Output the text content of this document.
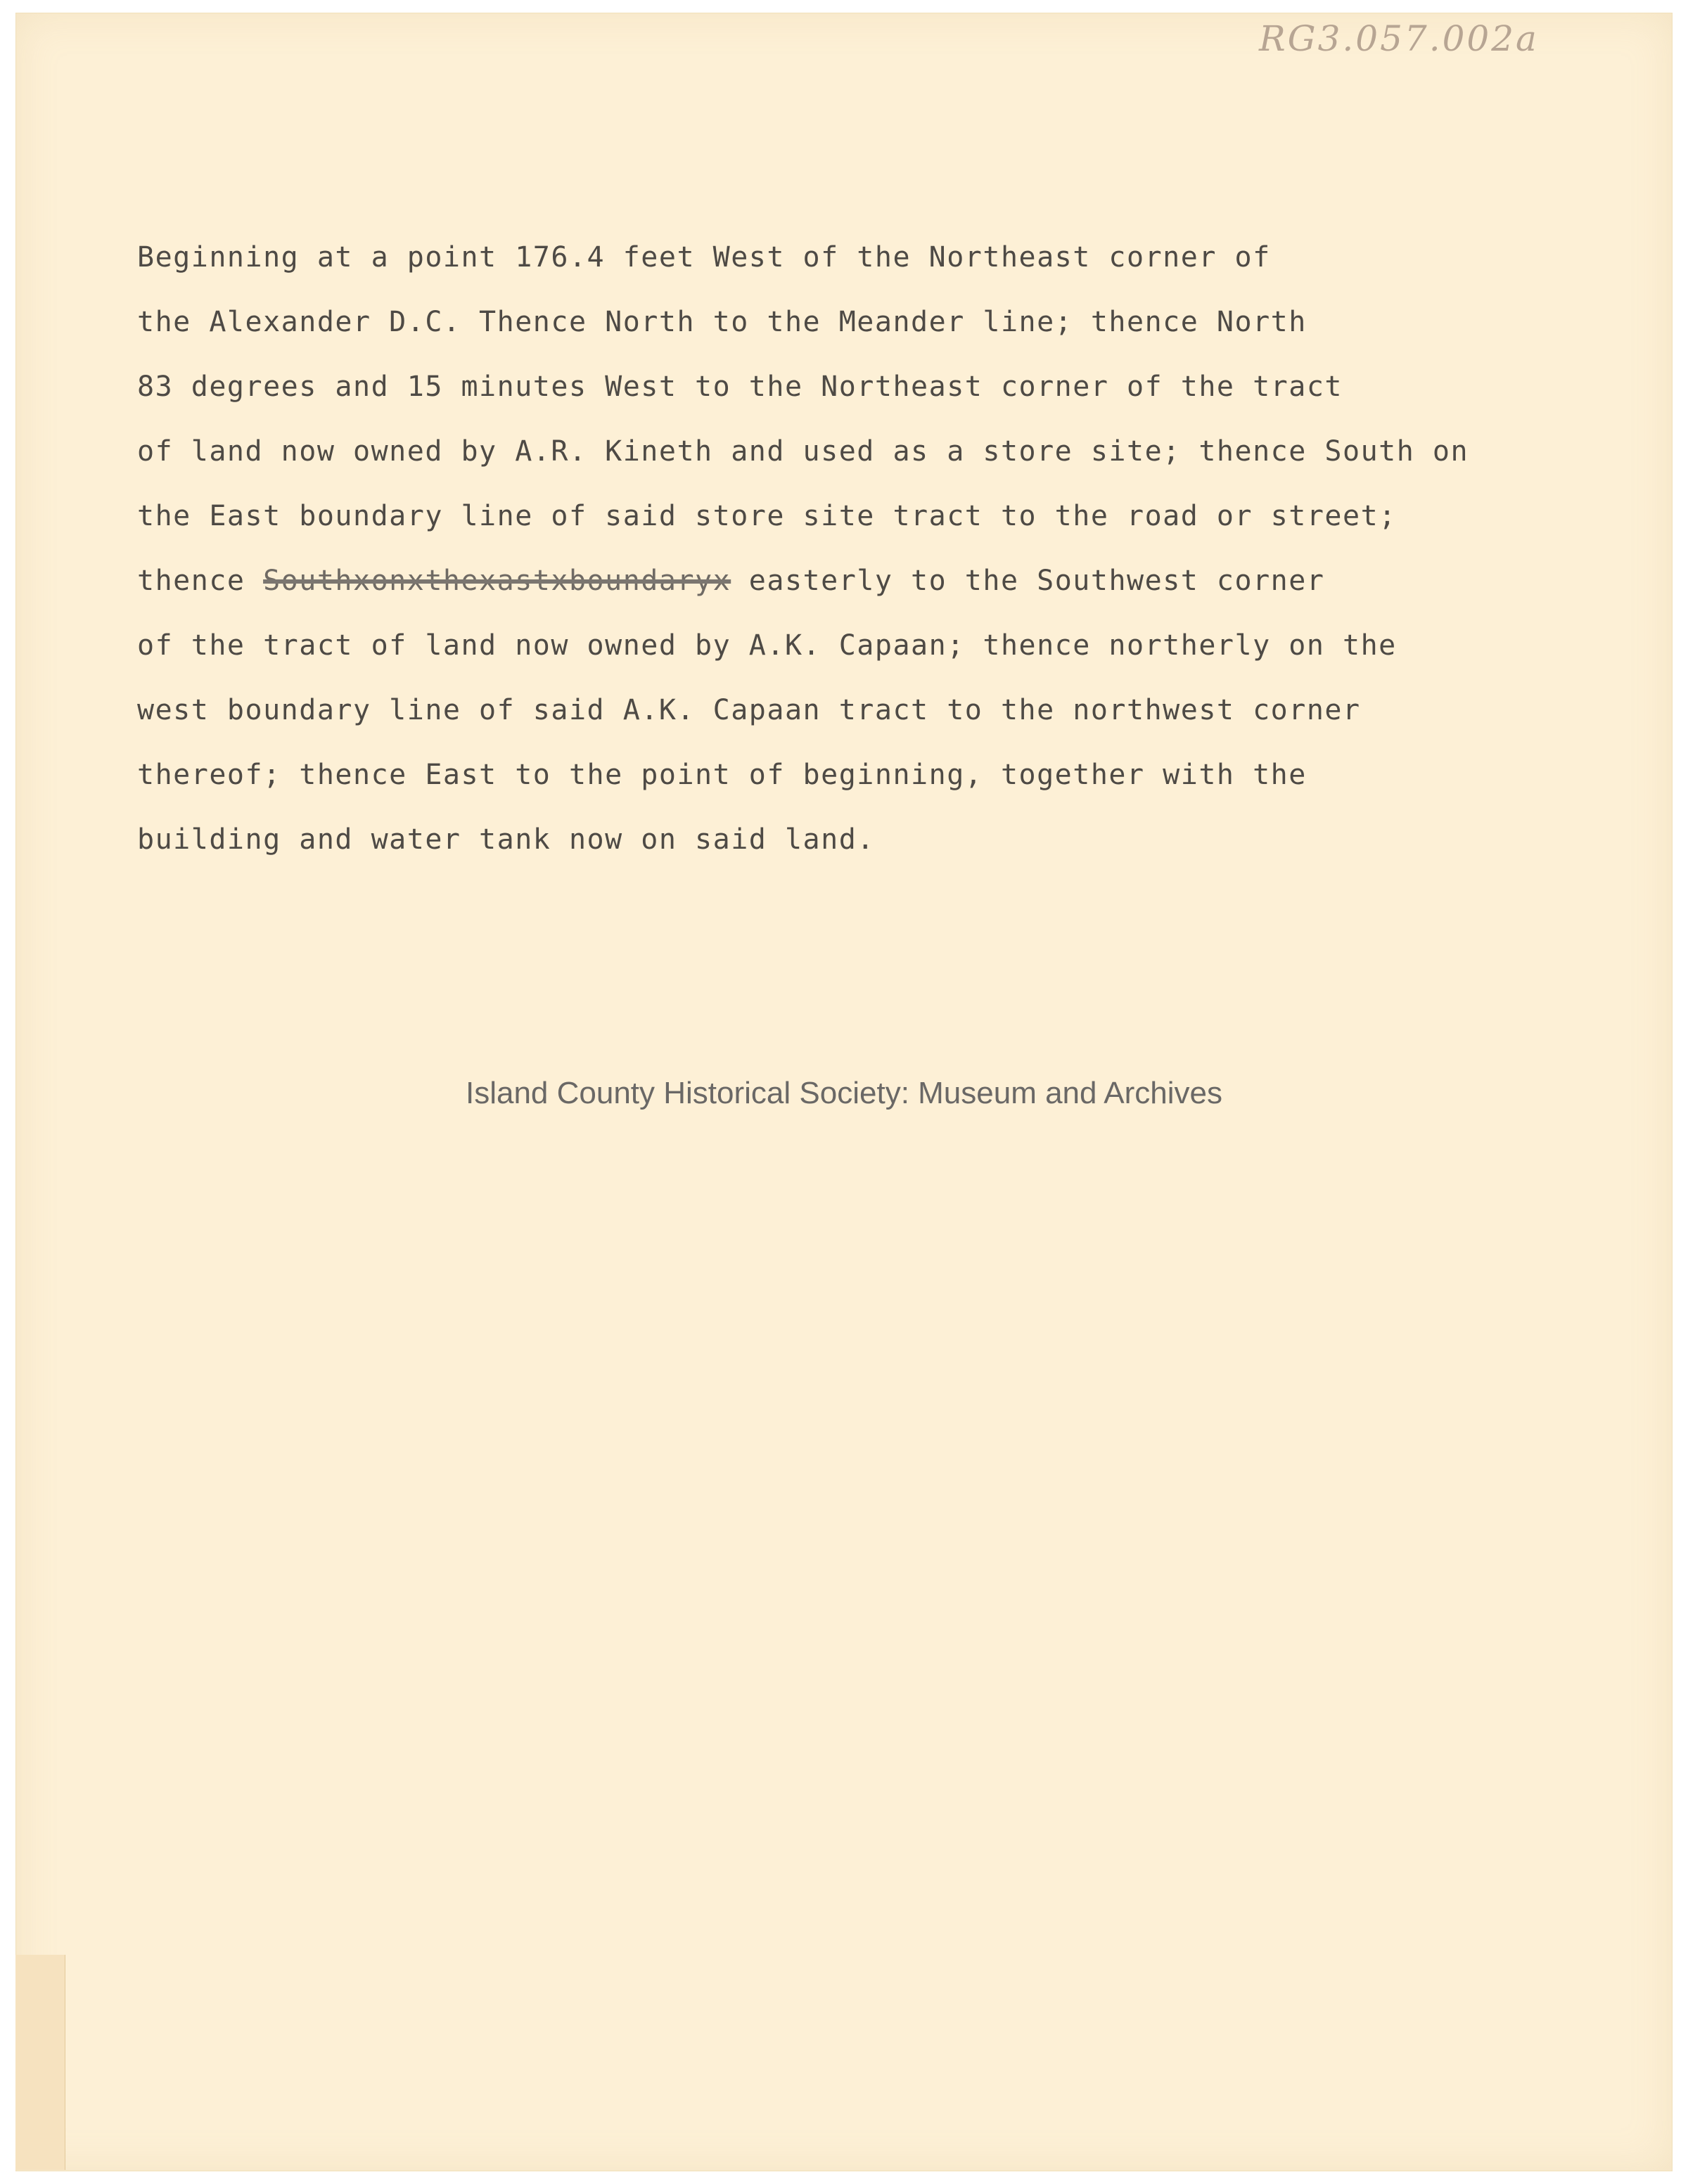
RG3.057.002a
Beginning at a point 176.4 feet West of the Northeast corner of
the Alexander D.C. Thence North to the Meander line; thence North
83 degrees and 15 minutes West to the Northeast corner of the tract
of land now owned by A.R. Kineth and used as a store site; thence South on
the East boundary line of said store site tract to the road or street;
thence Southxonxthexastxboundaryx easterly to the Southwest corner
of the tract of land now owned by A.K. Capaan; thence northerly on the
west boundary line of said A.K. Capaan tract to the northwest corner
thereof; thence East to the point of beginning, together with the
building and water tank now on said land.
Island County Historical Society: Museum and Archives
